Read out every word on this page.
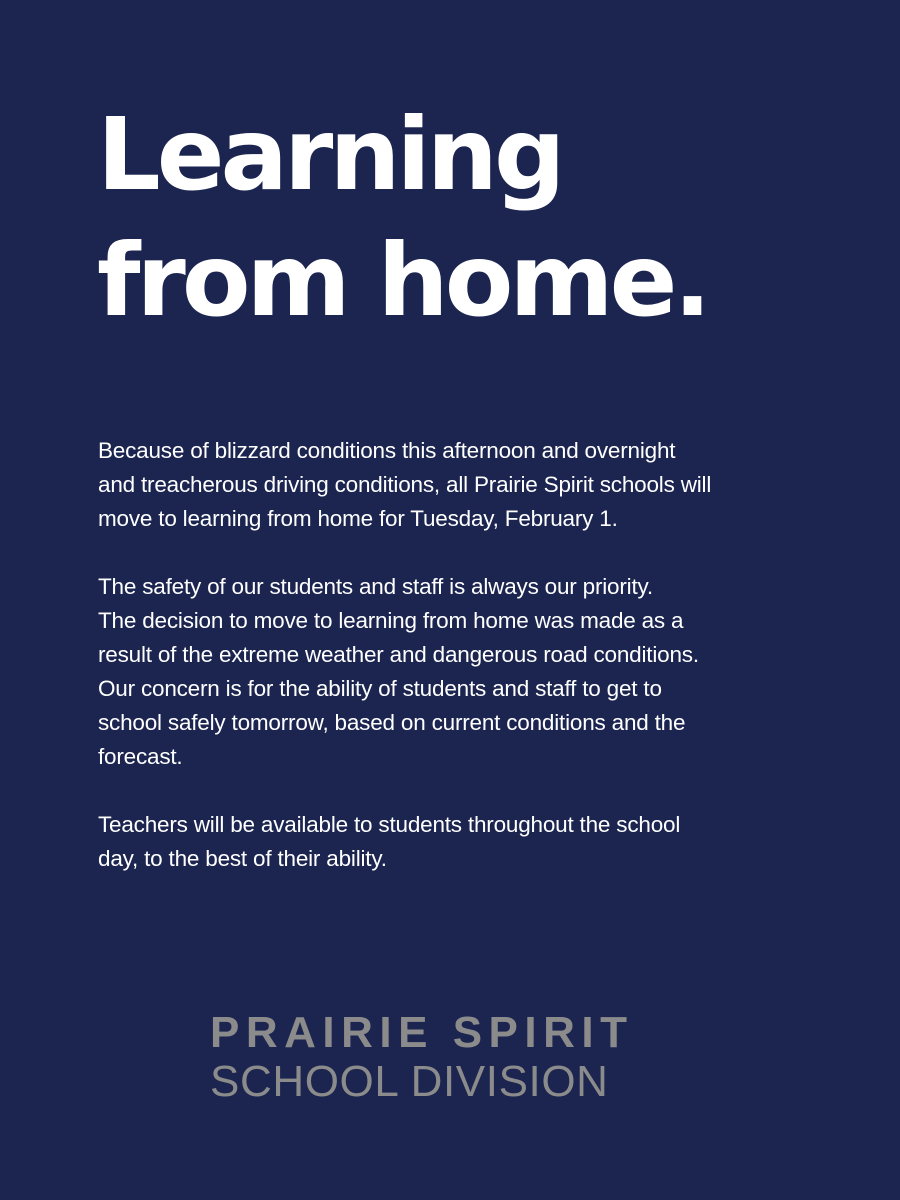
Learning
from home.
Because of blizzard conditions this afternoon and overnight
and treacherous driving conditions, all Prairie Spirit schools will
move to learning from home for Tuesday, February 1.
The safety of our students and staff is always our priority.
The decision to move to learning from home was made as a
result of the extreme weather and dangerous road conditions.
Our concern is for the ability of students and staff to get to
school safely tomorrow, based on current conditions and the
forecast.
Teachers will be available to students throughout the school
day, to the best of their ability.
PRAIRIE SPIRIT
SCHOOL DIVISION
